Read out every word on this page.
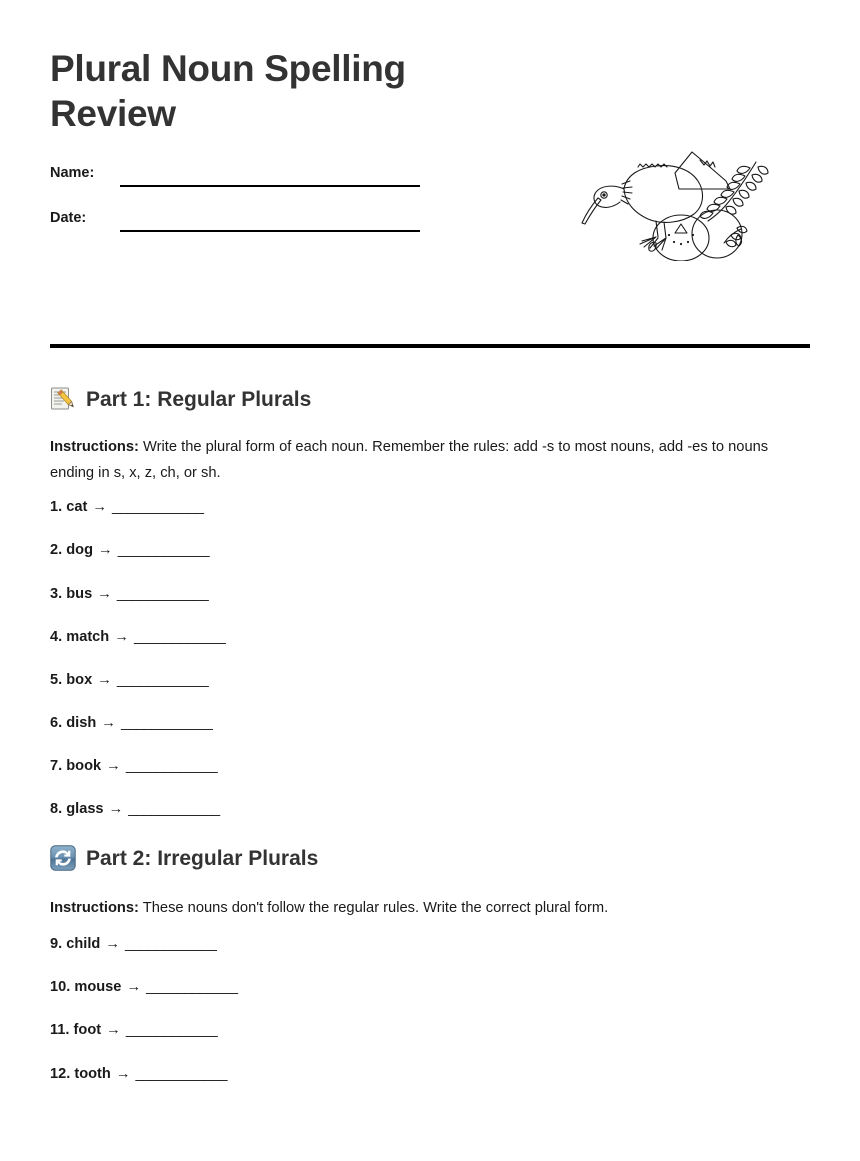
Plural Noun Spelling Review
Name:
Date:
Part 1: Regular Plurals

Instructions: Write the plural form of each noun. Remember the rules: add -s to most nouns, add -es to nouns ending in s, x, z, ch, or sh.

1. cat → ____________
2. dog → ____________
3. bus → ____________
4. match → ____________
5. box → ____________
6. dish → ____________
7. book → ____________
8. glass → ____________
Part 2: Irregular Plurals

Instructions: These nouns don't follow the regular rules. Write the correct plural form.

9. child → ____________
10. mouse → ____________
11. foot → ____________
12. tooth → ____________
